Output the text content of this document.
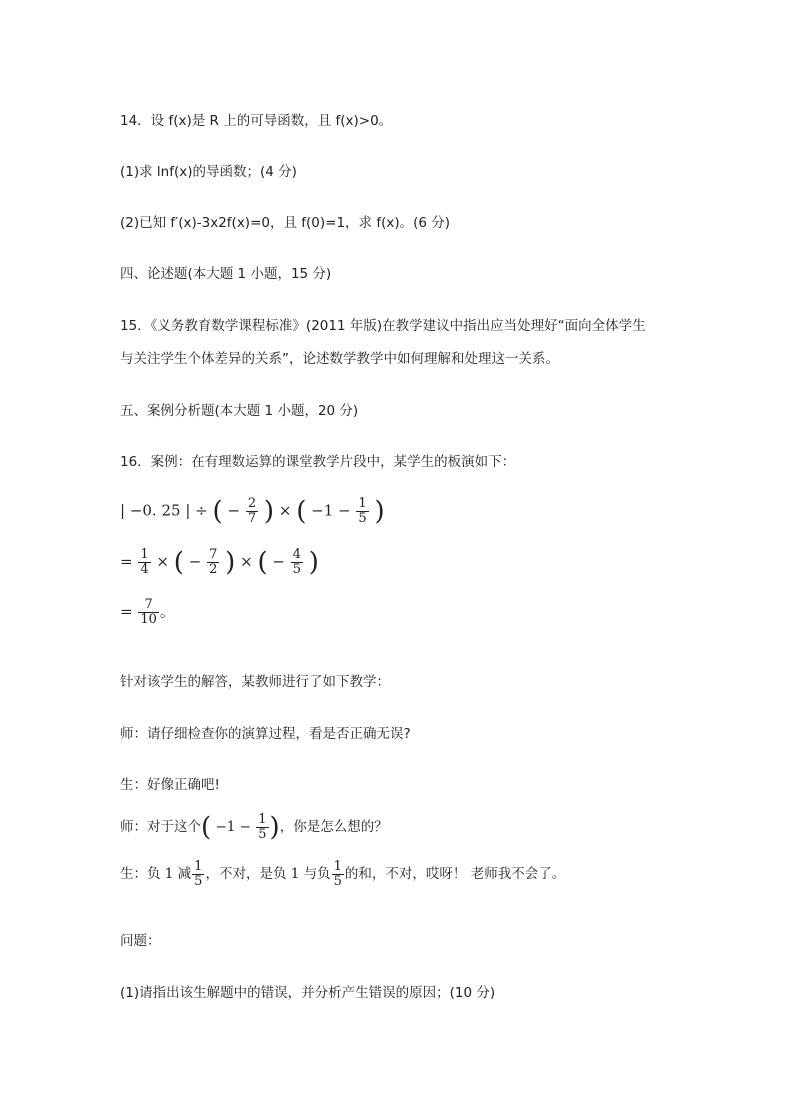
14．设 f(x)是 R 上的可导函数，且 f(x)>0。
(1)求 lnf(x)的导函数；(4 分)
(2)已知 f′(x)-3x2f(x)=0，且 f(0)=1，求 f(x)。(6 分)
四、论述题(本大题 1 小题，15 分)
15．《义务教育数学课程标准》(2011 年版)在教学建议中指出应当处理好“面向全体学生
与关注学生个体差异的关系”，论述数学教学中如何理解和处理这一关系。
五、案例分析题(本大题 1 小题，20 分)
16．案例：在有理数运算的课堂教学片段中，某学生的板演如下：
| −0. 25 | ÷ ( − $\frac{2}{7}$ ) × ( $-1 - \frac{1}{5}$ )
= $\frac{1}{4}$ × ( − $\frac{7}{2}$ ) × ( − $\frac{4}{5}$ )
= $\frac{7}{10}$ 。
针对该学生的解答，某教师进行了如下教学：
师：请仔细检查你的演算过程，看是否正确无误?
生：好像正确吧!
师：对于这个( $-1 - \frac{1}{5}$ )，你是怎么想的？
生：负 1 减 $\frac{1}{5}$ ，不对，是负 1 与负 $\frac{1}{5}$ 的和，不对，哎呀！ 老师我不会了。
问题：
(1)请指出该生解题中的错误，并分析产生错误的原因；(10 分)
